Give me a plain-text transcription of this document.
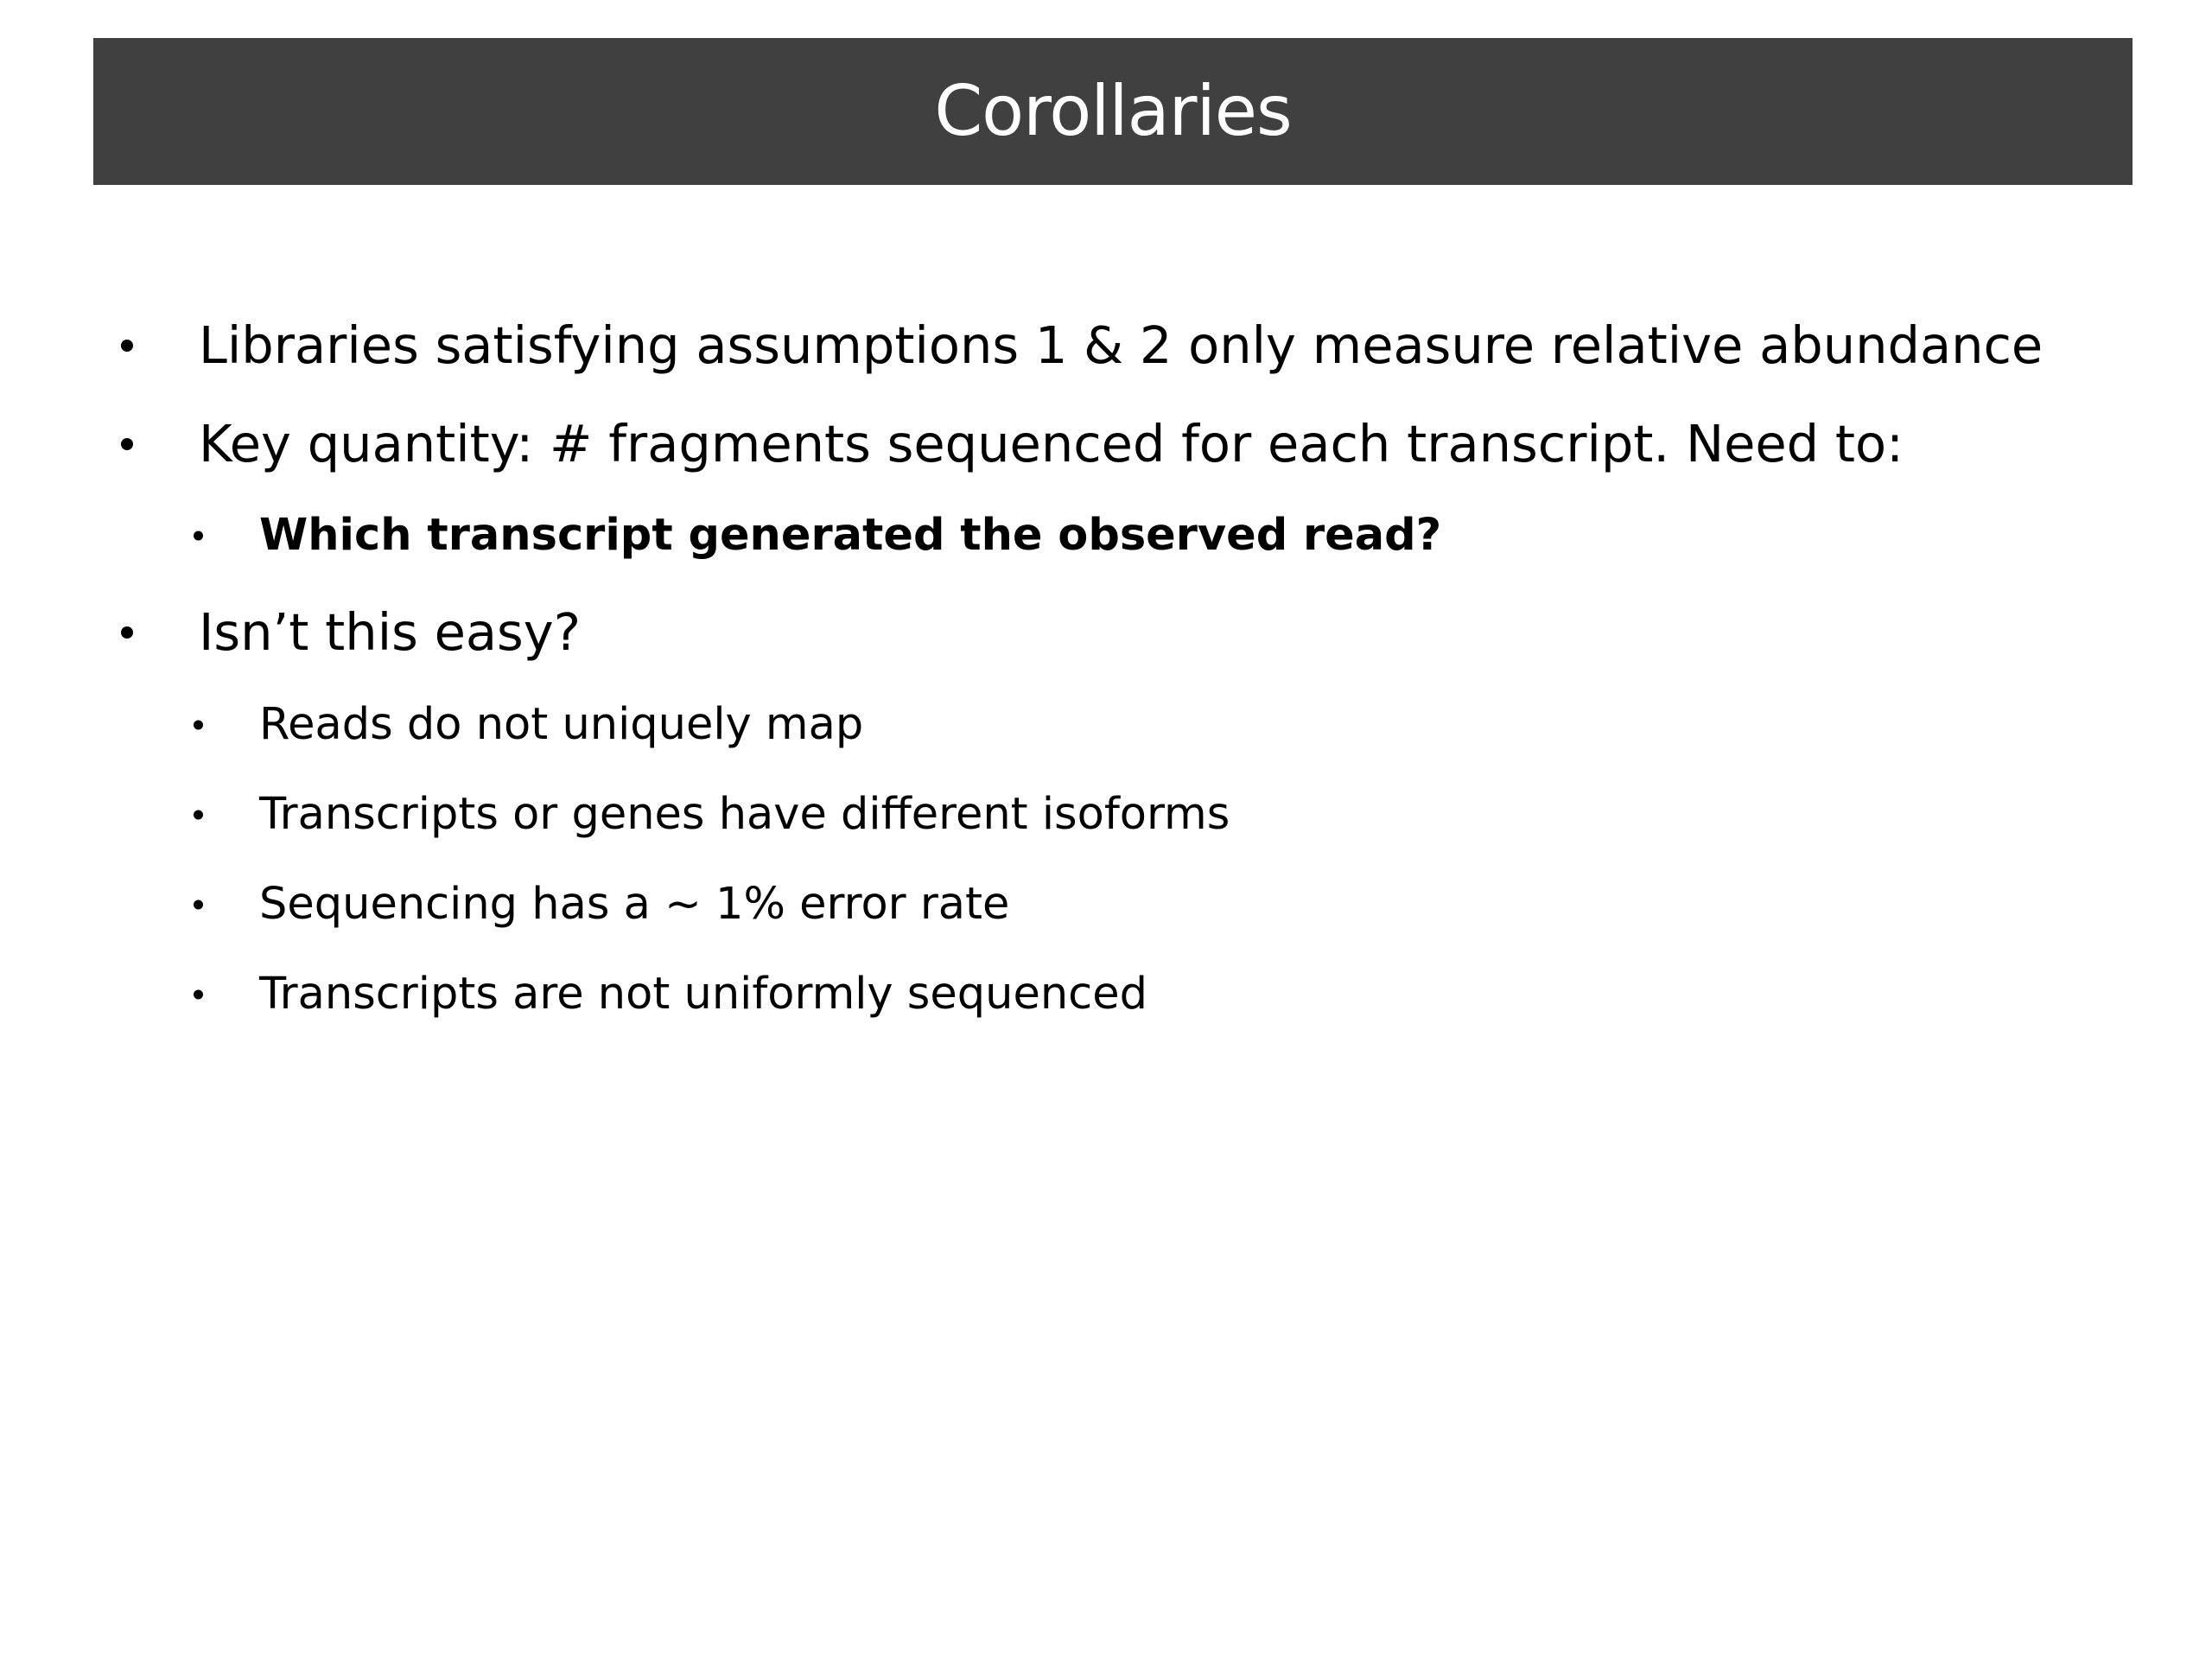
Corollaries
Libraries satisfying assumptions 1 & 2 only measure relative abundance
Key quantity: # fragments sequenced for each transcript. Need to:
Which transcript generated the observed read?
Isn’t this easy?
Reads do not uniquely map
Transcripts or genes have different isoforms
Sequencing has a ~ 1% error rate
Transcripts are not uniformly sequenced
